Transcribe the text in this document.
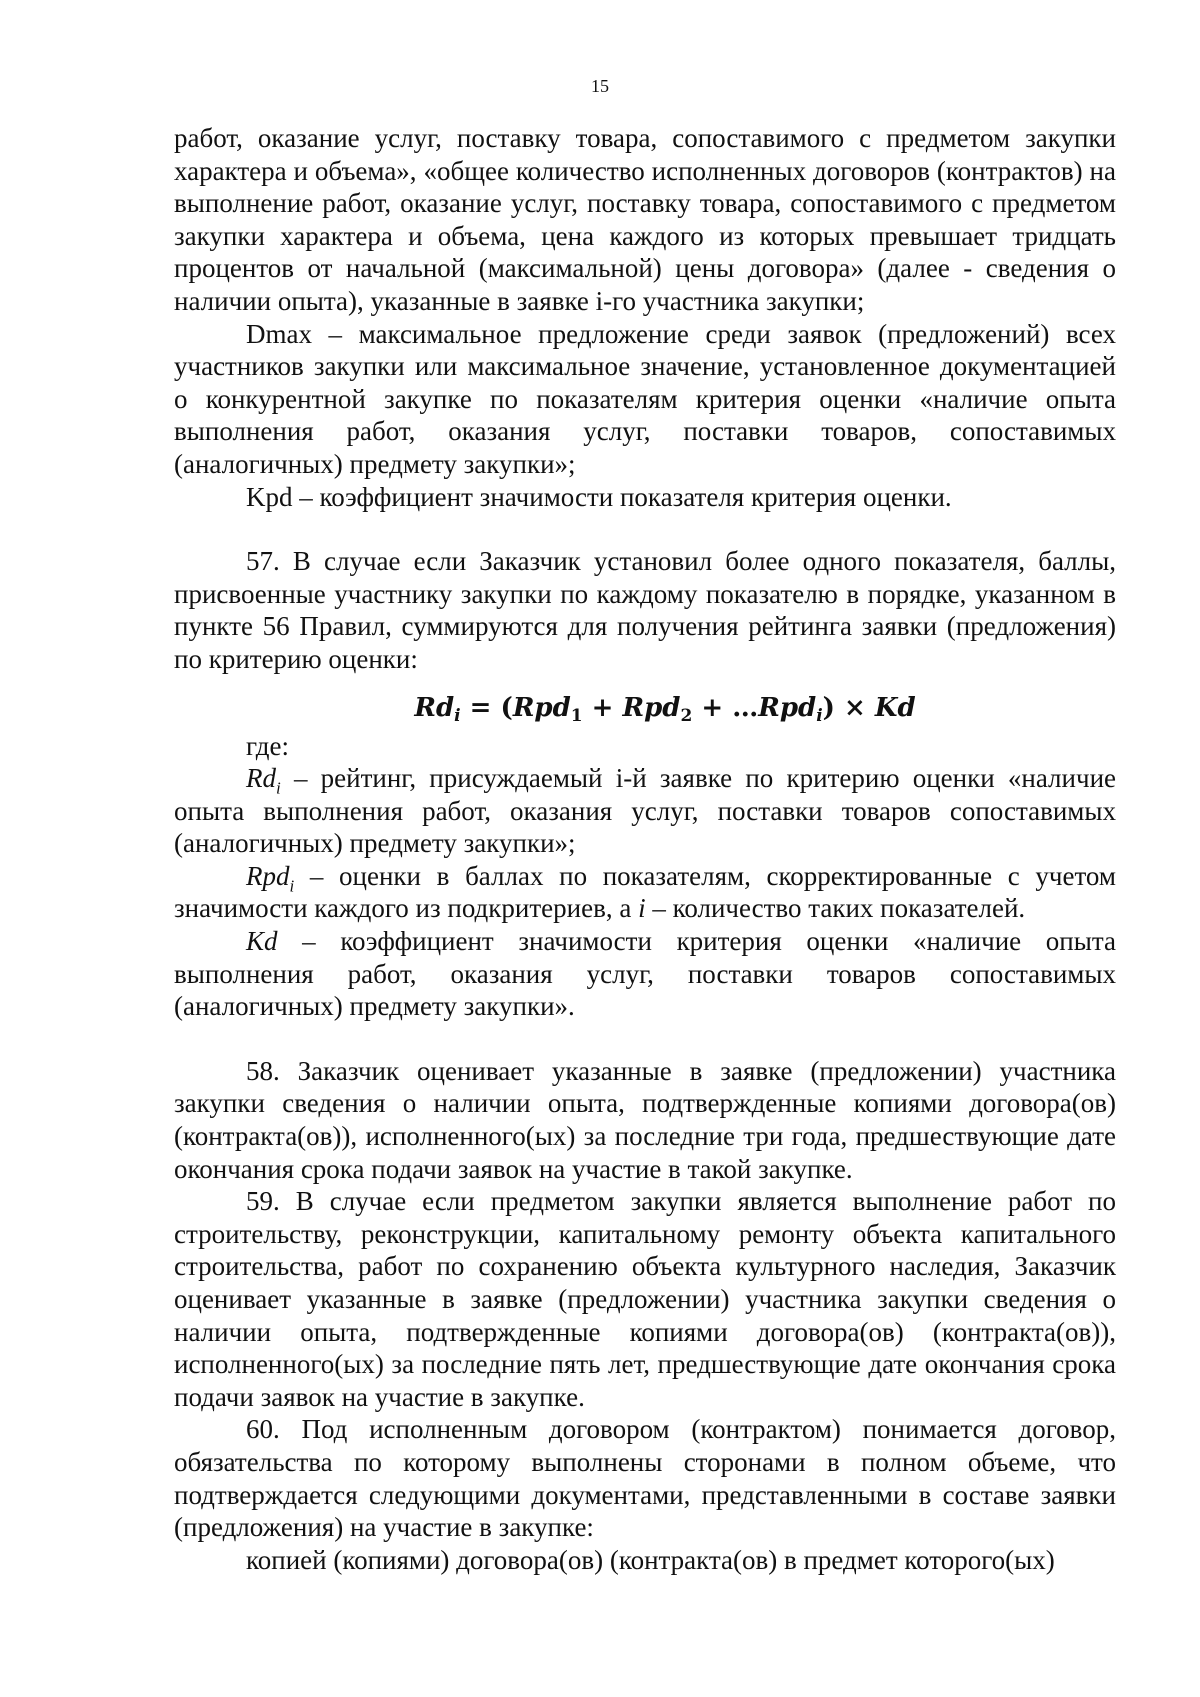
15

работ, оказание услуг, поставку товара, сопоставимого с предметом закупки характера и объема», «общее количество исполненных договоров (контрактов) на выполнение работ, оказание услуг, поставку товара, сопоставимого с предметом закупки характера и объема, цена каждого из которых превышает тридцать процентов от начальной (максимальной) цены договора» (далее - сведения о наличии опыта), указанные в заявке i-го участника закупки;

Dmax – максимальное предложение среди заявок (предложений) всех участников закупки или максимальное значение, установленное документацией о конкурентной закупке по показателям критерия оценки «наличие опыта выполнения работ, оказания услуг, поставки товаров, сопоставимых (аналогичных) предмету закупки»;

Kpd – коэффициент значимости показателя критерия оценки.

57. В случае если Заказчик установил более одного показателя, баллы, присвоенные участнику закупки по каждому показателю в порядке, указанном в пункте 56 Правил, суммируются для получения рейтинга заявки (предложения) по критерию оценки:

$Rd_i = (Rpd_1 + Rpd_2$ + …Rpd$_i$) × Kd

где:

$Rd_i$ – рейтинг, присуждаемый i-й заявке по критерию оценки «наличие опыта выполнения работ, оказания услуг, поставки товаров сопоставимых (аналогичных) предмету закупки»;

Rpd$_i$ – оценки в баллах по показателям, скорректированные с учетом значимости каждого из подкритериев, а i – количество таких показателей.

Kd – коэффициент значимости критерия оценки «наличие опыта выполнения работ, оказания услуг, поставки товаров сопоставимых (аналогичных) предмету закупки».

58. Заказчик оценивает указанные в заявке (предложении) участника закупки сведения о наличии опыта, подтвержденные копиями договора(ов) (контракта(ов)), исполненного(ых) за последние три года, предшествующие дате окончания срока подачи заявок на участие в такой закупке.

59. В случае если предметом закупки является выполнение работ по строительству, реконструкции, капитальному ремонту объекта капитального строительства, работ по сохранению объекта культурного наследия, Заказчик оценивает указанные в заявке (предложении) участника закупки сведения о наличии опыта, подтвержденные копиями договора(ов) (контракта(ов)), исполненного(ых) за последние пять лет, предшествующие дате окончания срока подачи заявок на участие в закупке.

60. Под исполненным договором (контрактом) понимается договор, обязательства по которому выполнены сторонами в полном объеме, что подтверждается следующими документами, представленными в составе заявки (предложения) на участие в закупке:

копией (копиями) договора(ов) (контракта(ов) в предмет которого(ых)
